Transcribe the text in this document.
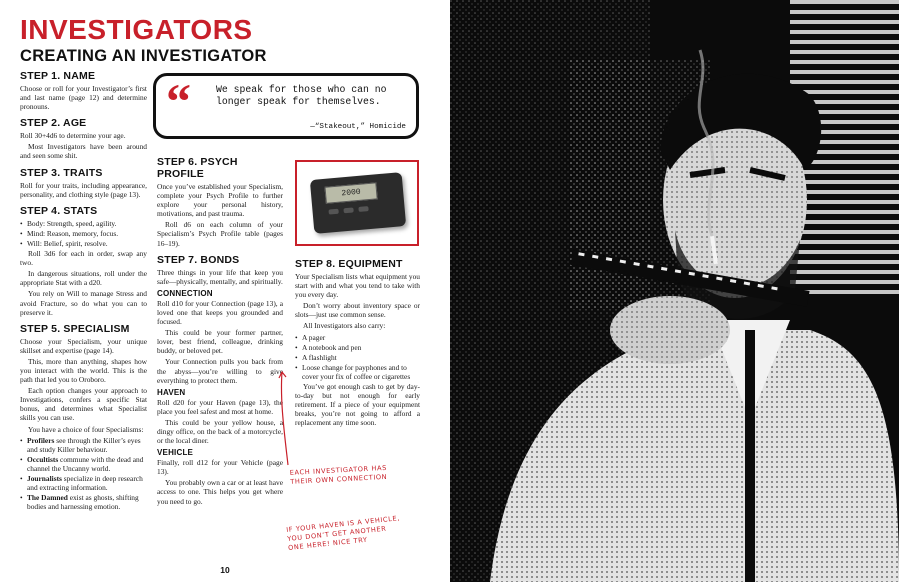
INVESTIGATORS
CREATING AN INVESTIGATOR
STEP 1. NAME

Choose or roll for your Investigator’s first and last name (page 12) and determine pronouns.

STEP 2. AGE

Roll 30+4d6 to determine your age.

Most Investigators have been around and seen some shit.

STEP 3. TRAITS

Roll for your traits, including appearance, personality, and clothing style (page 13).

STEP 4. STATS
• Body: Strength, speed, agility.
• Mind: Reason, memory, focus.
• Will: Belief, spirit, resolve.

Roll 3d6 for each in order, swap any two.

In dangerous situations, roll under the appropriate Stat with a d20.

You rely on Will to manage Stress and avoid Fracture, so do what you can to preserve it.

STEP 5. SPECIALISM

Choose your Specialism, your unique skillset and expertise (page 14).

This, more than anything, shapes how you interact with the world. This is the path that led you to Oroboro.

Each option changes your approach to Investigations, confers a specific Stat bonus, and determines what Specialist skills you can use.

You have a choice of four Specialisms:

• Profilers see through the Killer’s eyes and study Killer behaviour.
• Occultists commune with the dead and channel the Uncanny world.
• Journalists specialize in deep research and extracting information.
• The Damned exist as ghosts, shifting bodies and harnessing emotion.
“	We speak for those who can no longer speak for themselves.
—“Stakeout,” Homicide
STEP 6. PSYCH PROFILE

Once you’ve established your Specialism, complete your Psych Profile to further explore your personal history, motivations, and past trauma.

Roll d6 on each column of your Specialism’s Psych Profile table (pages 16–19).

STEP 7. BONDS

Three things in your life that keep you safe—physically, mentally, and spiritually.

CONNECTION

Roll d10 for your Connection (page 13), a loved one that keeps you grounded and focused.

This could be your former partner, lover, best friend, colleague, drinking buddy, or beloved pet.

Your Connection pulls you back from the abyss—you’re willing to give everything to protect them.

HAVEN

Roll d20 for your Haven (page 13), the place you feel safest and most at home.

This could be your yellow house, a dingy office, on the back of a motorcycle, or the local diner.

VEHICLE

Finally, roll d12 for your Vehicle (page 13).

You probably own a car or at least have access to one. This helps you get where you need to go.

2000
STEP 8. EQUIPMENT

Your Specialism lists what equipment you start with and what you tend to take with you every day.

Don’t worry about inventory space or slots—just use common sense.

All Investigators also carry:

• A pager
• A notebook and pen
• A flashlight
• Loose change for payphones and to cover your fix of coffee or cigarettes

You’ve got enough cash to get by day-to-day but not enough for early retirement. If a piece of your equipment breaks, you’re not going to afford a replacement any time soon.

EACH INVESTIGATOR HAS THEIR OWN CONNECTION
IF YOUR HAVEN IS A VEHICLE, YOU DON’T GET ANOTHER ONE HERE! NICE TRY
10
